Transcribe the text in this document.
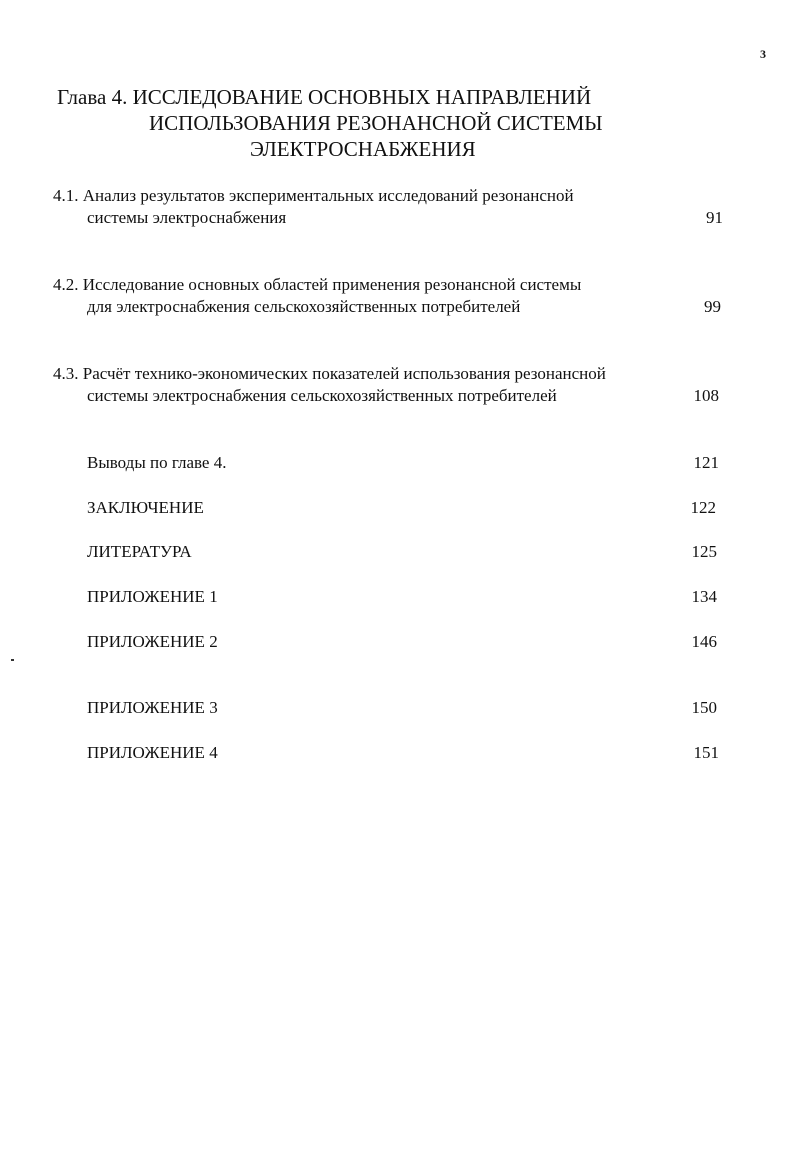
3
Глава 4. ИССЛЕДОВАНИЕ ОСНОВНЫХ НАПРАВЛЕНИЙ
ИСПОЛЬЗОВАНИЯ РЕЗОНАНСНОЙ СИСТЕМЫ
ЭЛЕКТРОСНАБЖЕНИЯ
4.1. Анализ результатов экспериментальных исследований резонансной
системы электроснабжения	91
4.2. Исследование основных областей применения резонансной системы
для электроснабжения сельскохозяйственных потребителей	99
4.3. Расчёт технико-экономических показателей использования резонансной
системы электроснабжения сельскохозяйственных потребителей	108
Выводы по главе 4.	121
ЗАКЛЮЧЕНИЕ	122
ЛИТЕРАТУРА	125
ПРИЛОЖЕНИЕ 1	134
ПРИЛОЖЕНИЕ 2	146
ПРИЛОЖЕНИЕ 3	150
ПРИЛОЖЕНИЕ 4	151
